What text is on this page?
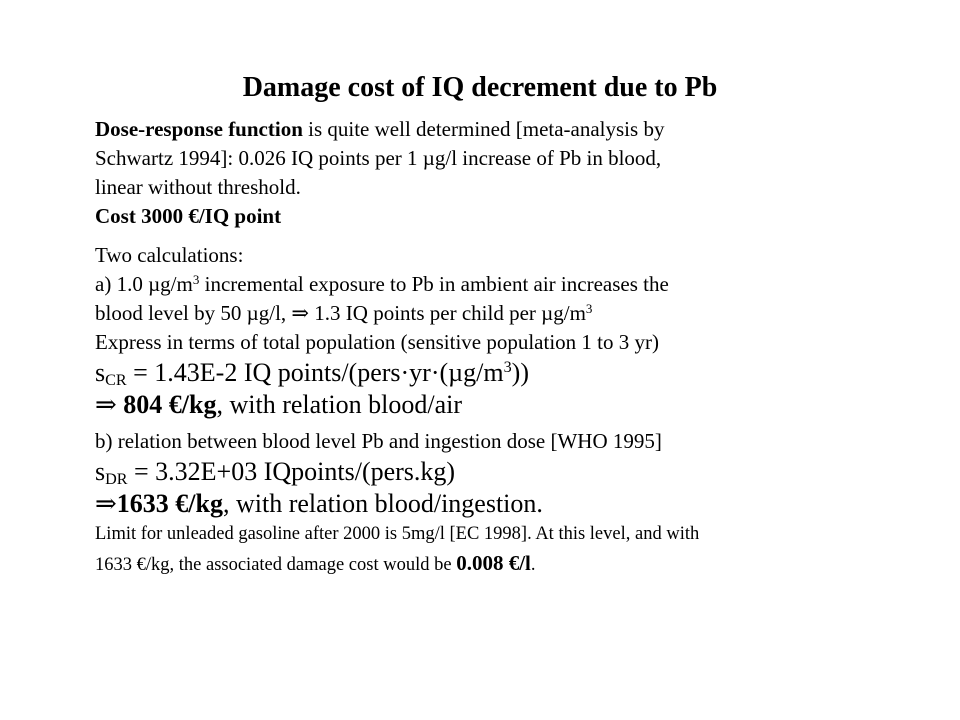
Damage cost of IQ decrement due to Pb
Dose-response function is quite well determined [meta-analysis by
Schwartz 1994]: 0.026 IQ points per 1 µg/l increase of Pb in blood,
linear without threshold.
Cost 3000 €/IQ point
Two calculations:
a) 1.0 $\mu g/m^3$ incremental exposure to Pb in ambient air increases the
blood level by 50 µg/l, ⇒ 1.3 IQ points per child per $\mu g/m^3$
Express in terms of total population (sensitive population 1 to 3 yr)
$s_{CR} = 1.43E-2$ IQ points/$(pers\cdot yr\cdot(\mu g/m^3))$
⇒ 804 €/kg, with relation blood/air
b) relation between blood level Pb and ingestion dose [WHO 1995]
$s_{DR} = 3.32E+03$ IQpoints/(pers.kg)
⇒1633 €/kg, with relation blood/ingestion.
Limit for unleaded gasoline after 2000 is 5mg/l [EC 1998]. At this level, and with
1633 €/kg, the associated damage cost would be 0.008 €/l.
